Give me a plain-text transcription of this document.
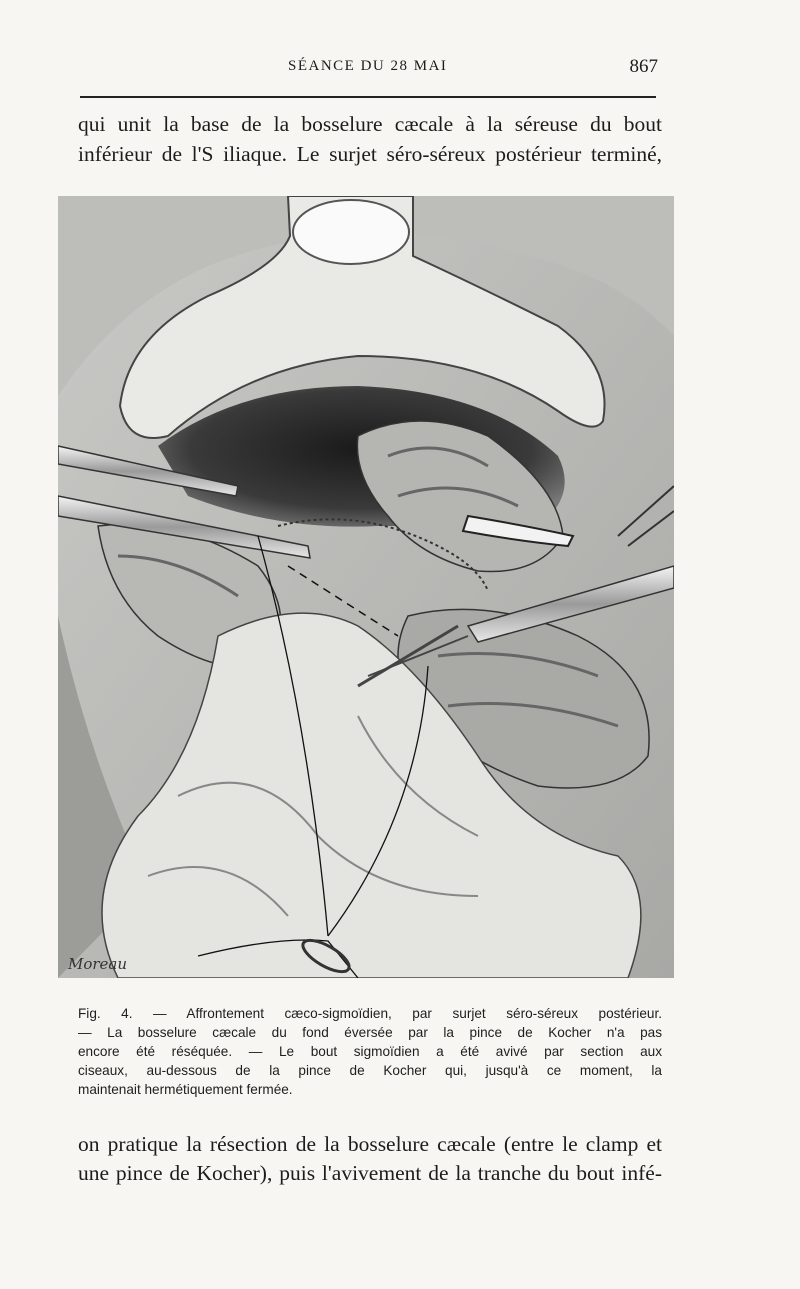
SÉANCE DU 28 MAI	867
qui unit la base de la bosselure cæcale à la séreuse du bout
inférieur de l'S iliaque. Le surjet séro-séreux postérieur terminé,
Moreau
Fig. 4. — Affrontement cæco-sigmoïdien, par surjet séro-séreux postérieur.
— La bosselure cæcale du fond éversée par la pince de Kocher n'a pas
encore été réséquée. — Le bout sigmoïdien a été avivé par section aux
ciseaux, au-dessous de la pince de Kocher qui, jusqu'à ce moment, la
maintenait hermétiquement fermée.
on pratique la résection de la bosselure cæcale (entre le clamp et
une pince de Kocher), puis l'avivement de la tranche du bout infé-
